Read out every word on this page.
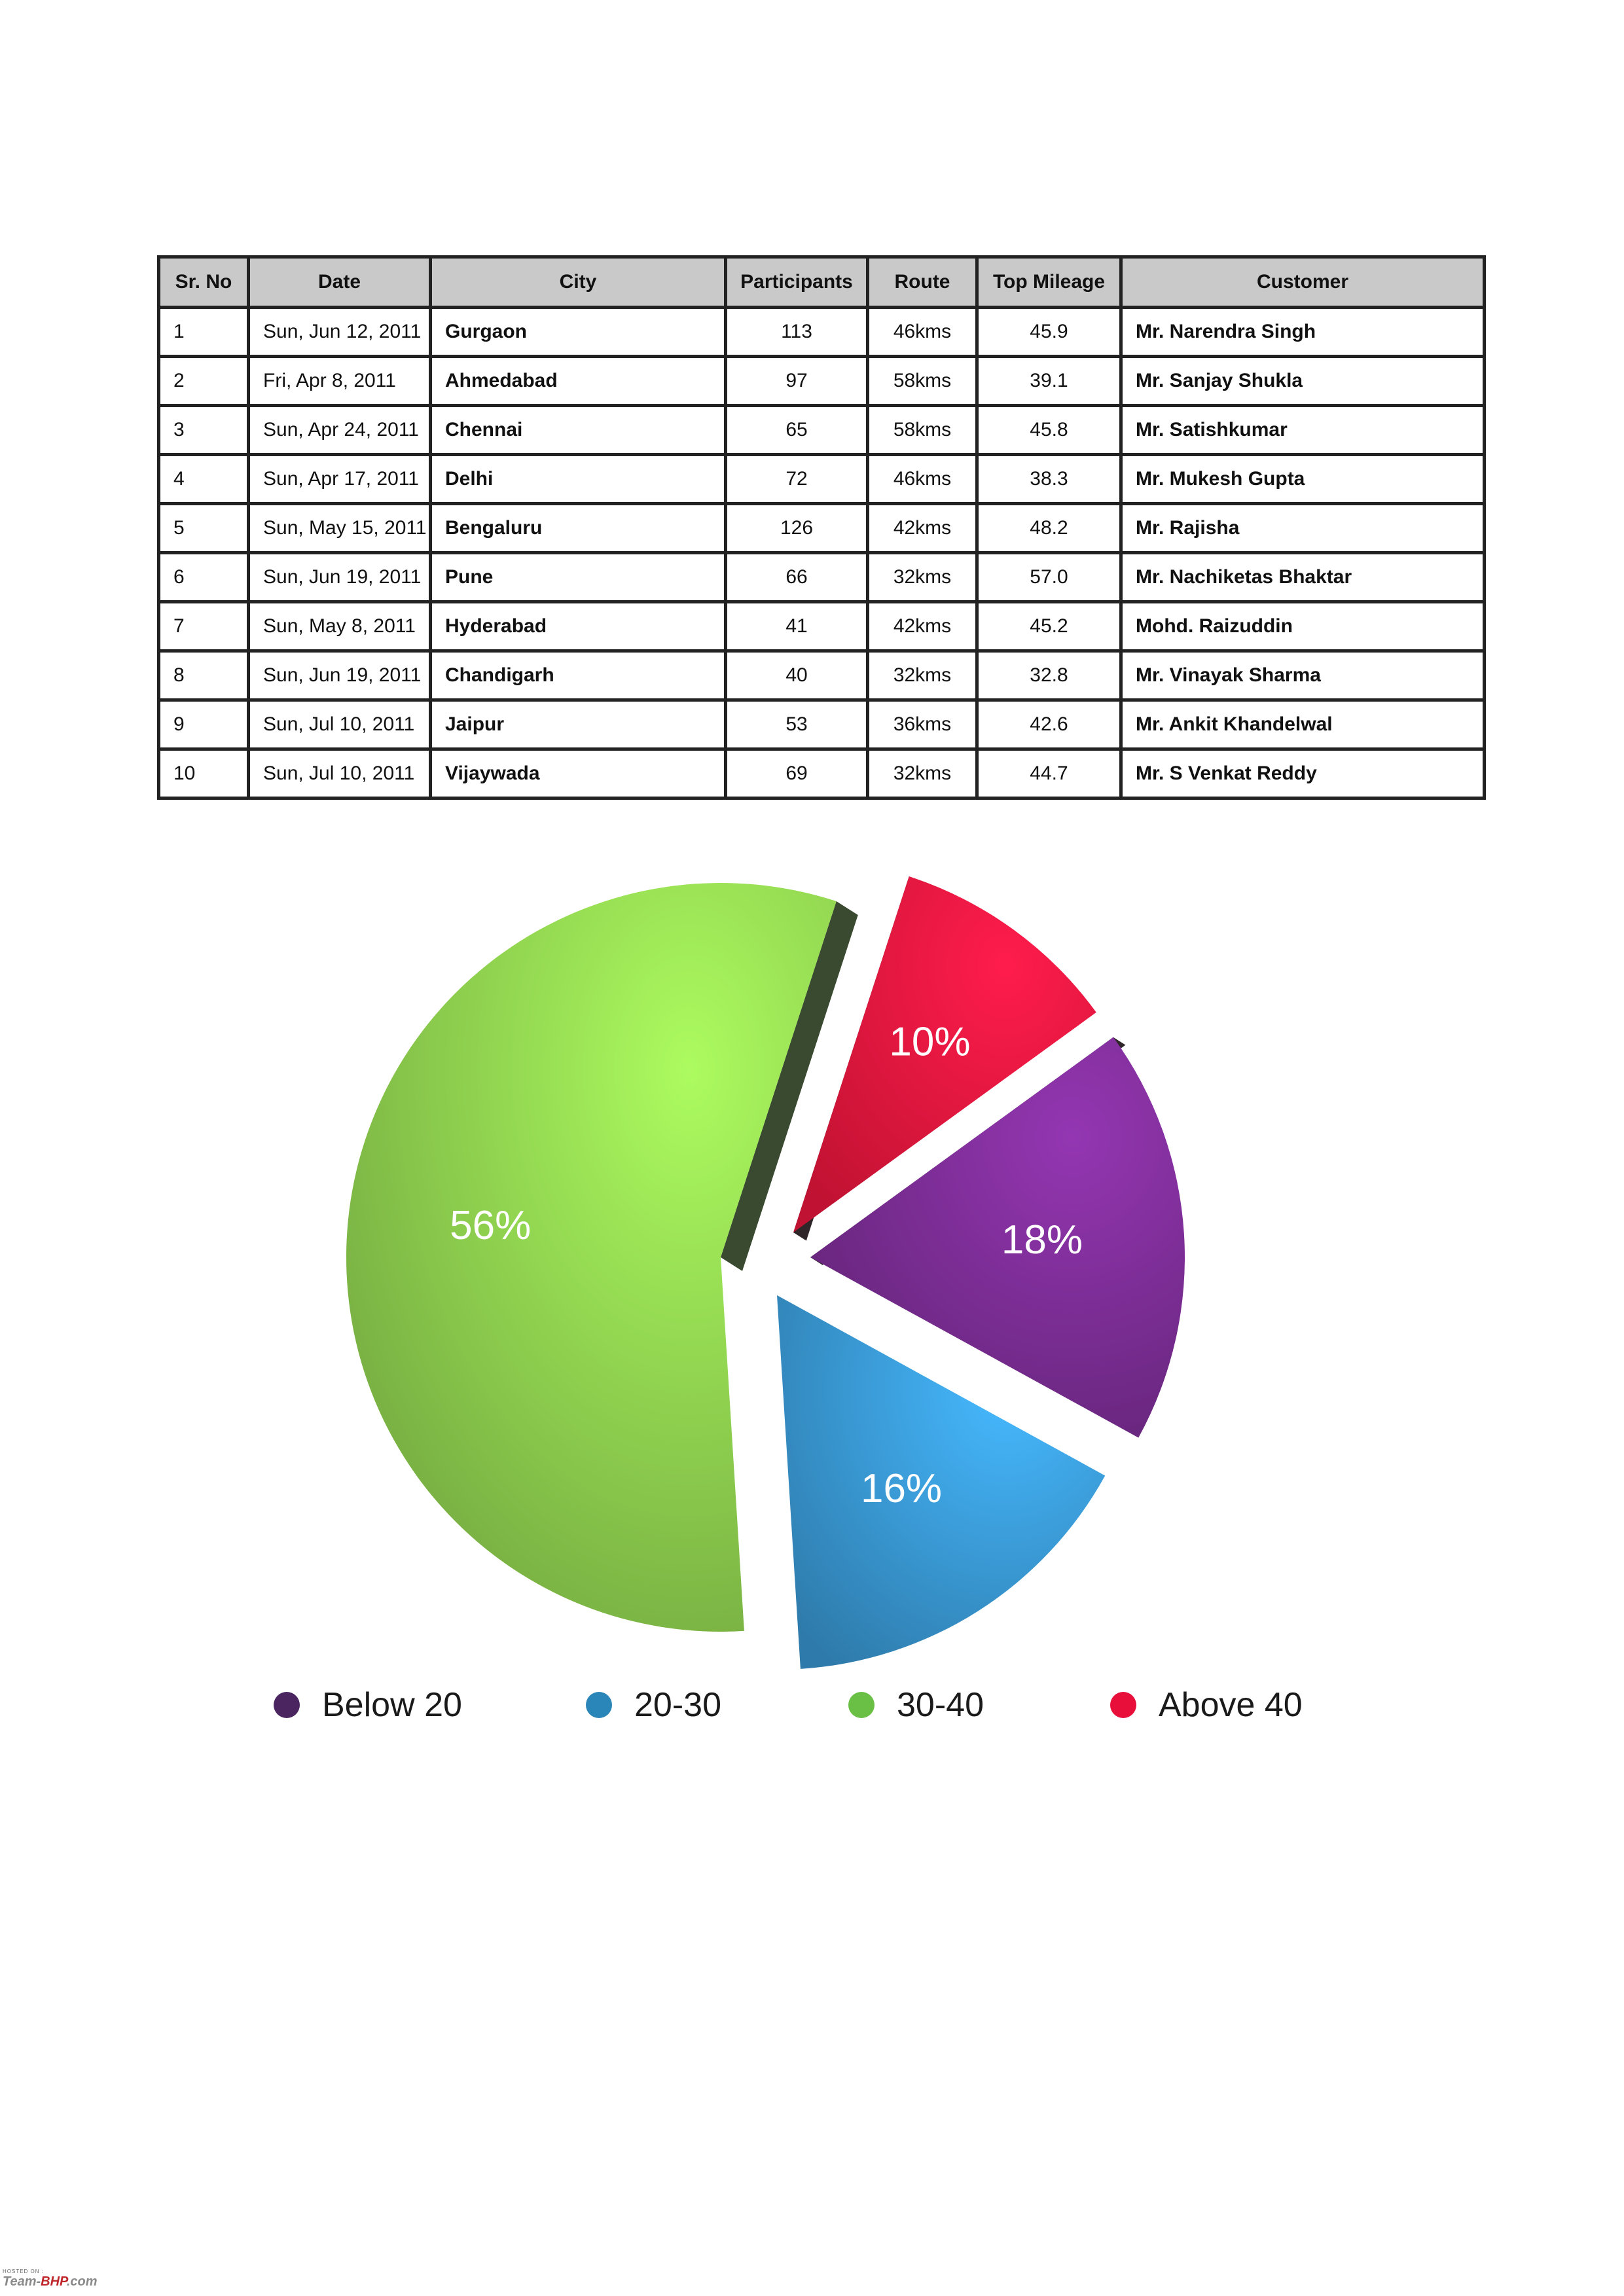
Sr. No	Date	City	Participants	Route	Top Mileage	Customer
1	Sun, Jun 12, 2011	Gurgaon	113	46kms	45.9	Mr. Narendra Singh
2	Fri, Apr 8, 2011	Ahmedabad	97	58kms	39.1	Mr. Sanjay Shukla
3	Sun, Apr 24, 2011	Chennai	65	58kms	45.8	Mr. Satishkumar
4	Sun, Apr 17, 2011	Delhi	72	46kms	38.3	Mr. Mukesh Gupta
5	Sun, May 15, 2011	Bengaluru	126	42kms	48.2	Mr. Rajisha
6	Sun, Jun 19, 2011	Pune	66	32kms	57.0	Mr. Nachiketas Bhaktar
7	Sun, May 8, 2011	Hyderabad	41	42kms	45.2	Mohd. Raizuddin
8	Sun, Jun 19, 2011	Chandigarh	40	32kms	32.8	Mr. Vinayak Sharma
9	Sun, Jul 10, 2011	Jaipur	53	36kms	42.6	Mr. Ankit Khandelwal
10	Sun, Jul 10, 2011	Vijaywada	69	32kms	44.7	Mr. S Venkat Reddy
18%
16%
56%
10%
Below 20	20-30	30-40	Above 40
HOSTED ON :
Team-BHP.com
